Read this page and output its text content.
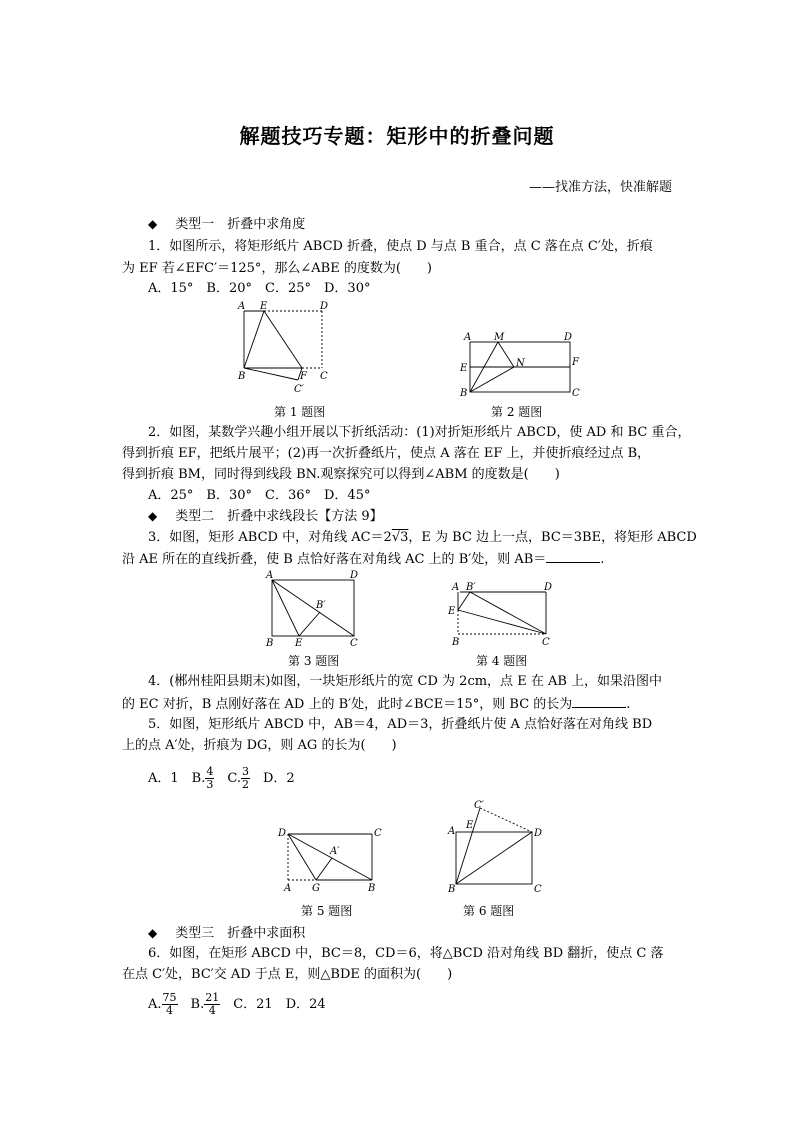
解题技巧专题：矩形中的折叠问题
——找准方法，快准解题
◆ 类型一　折叠中求角度
1．如图所示，将矩形纸片 ABCD 折叠，使点 D 与点 B 重合，点 C 落在点 C′处，折痕
为 EF 若∠EFC′＝125°，那么∠ABE 的度数为(　　)
A．15°　B．20°　C．25°　D．30°
A E	D
B	F C
C′
A M	D
E	N	F
B	C
第 1 题图	第 2 题图
2．如图，某数学兴趣小组开展以下折纸活动：(1)对折矩形纸片 ABCD，使 AD 和 BC 重合，
得到折痕 EF，把纸片展平；(2)再一次折叠纸片，使点 A 落在 EF 上，并使折痕经过点 B，
得到折痕 BM，同时得到线段 BN.观察探究可以得到∠ABM 的度数是(　　)
A．25°　B．30°　C．36°　D．45°
◆ 类型二　折叠中求线段长【方法 9】
3．如图，矩形 ABCD 中，对角线 AC＝2√3，E 为 BC 边上一点，BC＝3BE，将矩形 ABCD
沿 AE 所在的直线折叠，使 B 点恰好落在对角线 AC 上的 B′处，则 AB＝	.
A	D
B′
B E	C
A B′	D
E
B	C
第 3 题图	第 4 题图
4．(郴州桂阳县期末)如图，一块矩形纸片的宽 CD 为 2cm，点 E 在 AB 上，如果沿图中
的 EC 对折，B 点刚好落在 AD 上的 B′处，此时∠BCE＝15°，则 BC 的长为	.
5．如图，矩形纸片 ABCD 中，AB＝4，AD＝3，折叠纸片使 A 点恰好落在对角线 BD
上的点 A′处，折痕为 DG，则 AG 的长为(　　)
A．1　B. $\frac{4}{3}$ 　C. $\frac{3}{2}$ 　D．2
D	C
A′
A G	B
C′
E
A	D
B	C
第 5 题图	第 6 题图
◆ 类型三　折叠中求面积
6．如图，在矩形 ABCD 中，BC＝8，CD＝6，将△BCD 沿对角线 BD 翻折，使点 C 落
在点 C′处，BC′交 AD 于点 E，则△BDE 的面积为(　　)
A. $\frac{75}{4}$ 　B. $\frac{21}{4}$ 　C．21　D．24
